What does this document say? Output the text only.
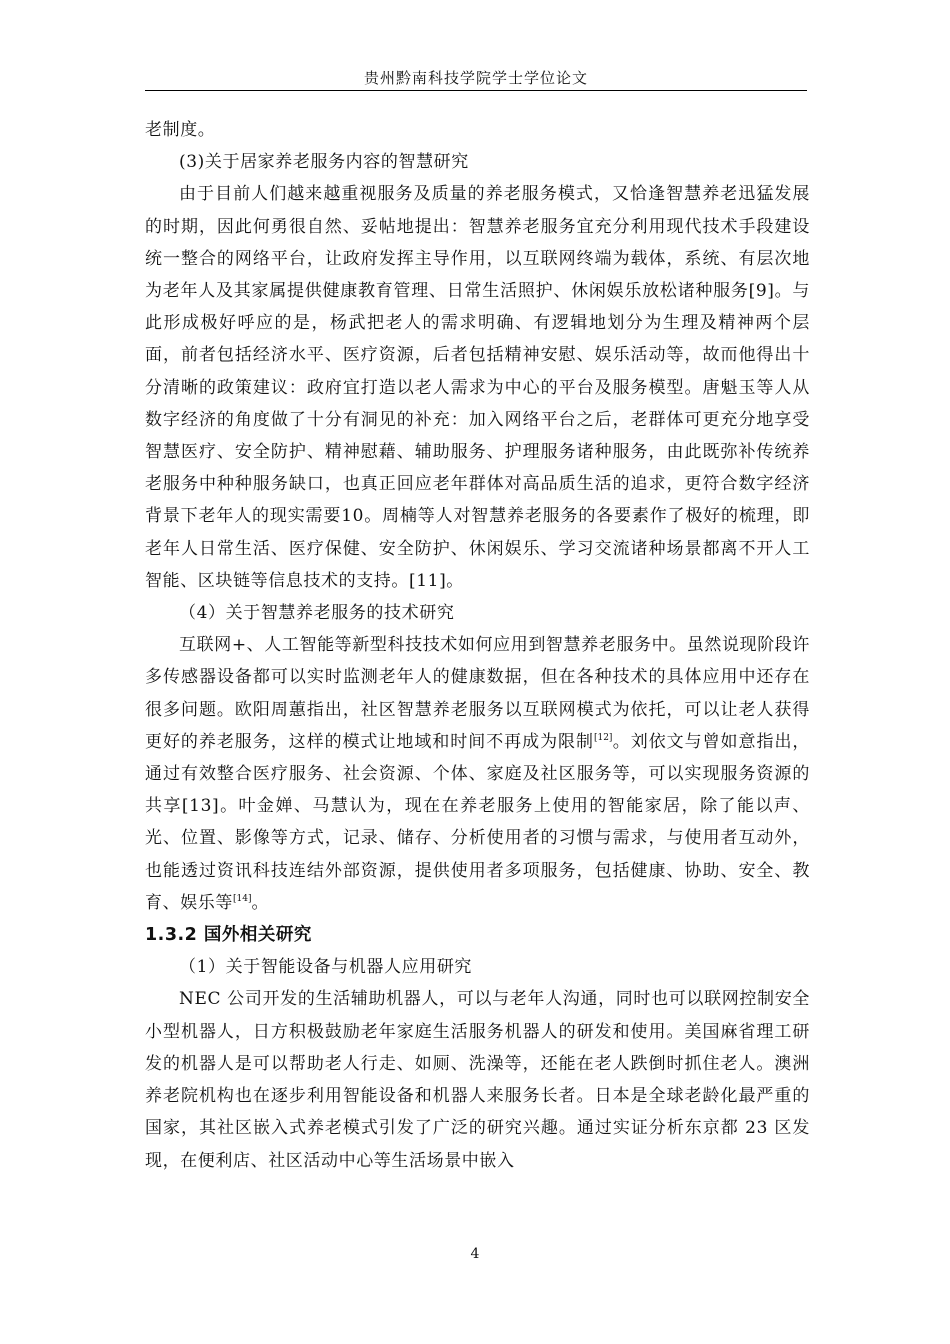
贵州黔南科技学院学士学位论文

老制度。

(3)关于居家养老服务内容的智慧研究

由于目前人们越来越重视服务及质量的养老服务模式，又恰逢智慧养老迅猛发展的时期，因此何勇很自然、妥帖地提出：智慧养老服务宜充分利用现代技术手段建设统一整合的网络平台，让政府发挥主导作用，以互联网终端为载体，系统、有层次地为老年人及其家属提供健康教育管理、日常生活照护、休闲娱乐放松诸种服务[9]。与此形成极好呼应的是，杨武把老人的需求明确、有逻辑地划分为生理及精神两个层面，前者包括经济水平、医疗资源，后者包括精神安慰、娱乐活动等，故而他得出十分清晰的政策建议：政府宜打造以老人需求为中心的平台及服务模型。唐魁玉等人从数字经济的角度做了十分有洞见的补充：加入网络平台之后，老群体可更充分地享受智慧医疗、安全防护、精神慰藉、辅助服务、护理服务诸种服务，由此既弥补传统养老服务中种种服务缺口，也真正回应老年群体对高品质生活的追求，更符合数字经济背景下老年人的现实需要10。周楠等人对智慧养老服务的各要素作了极好的梳理，即老年人日常生活、医疗保健、安全防护、休闲娱乐、学习交流诸种场景都离不开人工智能、区块链等信息技术的支持。[11]。

（4）关于智慧养老服务的技术研究

互联网+、人工智能等新型科技技术如何应用到智慧养老服务中。虽然说现阶段许多传感器设备都可以实时监测老年人的健康数据，但在各种技术的具体应用中还存在很多问题。欧阳周蕙指出，社区智慧养老服务以互联网模式为依托，可以让老人获得更好的养老服务，这样的模式让地域和时间不再成为限制[12]。刘依文与曾如意指出，通过有效整合医疗服务、社会资源、个体、家庭及社区服务等，可以实现服务资源的共享[13]。叶金婵、马慧认为，现在在养老服务上使用的智能家居，除了能以声、光、位置、影像等方式，记录、储存、分析使用者的习惯与需求，与使用者互动外，也能透过资讯科技连结外部资源，提供使用者多项服务，包括健康、协助、安全、教育、娱乐等[14]。

1.3.2 国外相关研究

（1）关于智能设备与机器人应用研究

NEC 公司开发的生活辅助机器人，可以与老年人沟通，同时也可以联网控制安全小型机器人，日方积极鼓励老年家庭生活服务机器人的研发和使用。美国麻省理工研发的机器人是可以帮助老人行走、如厕、洗澡等，还能在老人跌倒时抓住老人。澳洲养老院机构也在逐步利用智能设备和机器人来服务长者。日本是全球老龄化最严重的国家，其社区嵌入式养老模式引发了广泛的研究兴趣。通过实证分析东京都 23 区发现，在便利店、社区活动中心等生活场景中嵌入

4
